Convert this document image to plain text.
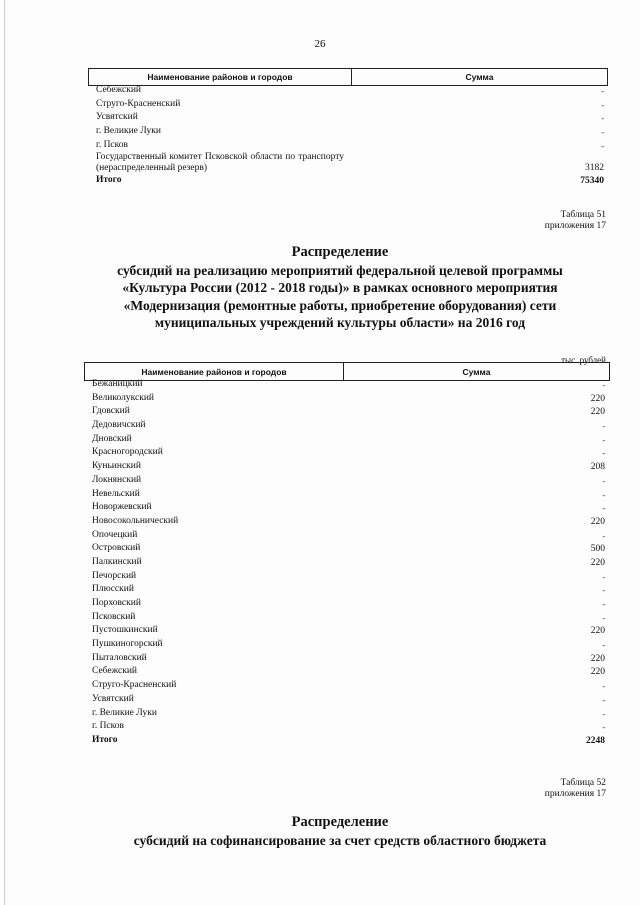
26
Наименование районов и городов	Сумма
Себежский	-
Струго-Красненский	-
Усвятский	-
г. Великие Луки	-
г. Псков	-
Государственный комитет Псковской области по транспорту (нераспределенный резерв)	3182
Итого	75340
Таблица 51
приложения 17
Распределение
субсидий на реализацию мероприятий федеральной целевой программы
«Культура России (2012 - 2018 годы)» в рамках основного мероприятия
«Модернизация (ремонтные работы, приобретение оборудования) сети
муниципальных учреждений культуры области» на 2016 год
тыс. рублей
Наименование районов и городов	Сумма
Бежаницкий	-
Великолукский	220
Гдовский	220
Дедовичский	-
Дновский	-
Красногородский	-
Куньинский	208
Локнянский	-
Невельский	-
Новоржевский	-
Новосокольнический	220
Опочецкий	-
Островский	500
Палкинский	220
Печорский	-
Плюсский	-
Порховский	-
Псковский	-
Пустошкинский	220
Пушкиногорский	-
Пыталовский	220
Себежский	220
Струго-Красненский	-
Усвятский	-
г. Великие Луки	-
г. Псков	-
Итого	2248
Таблица 52
приложения 17
Распределение
субсидий на софинансирование за счет средств областного бюджета
